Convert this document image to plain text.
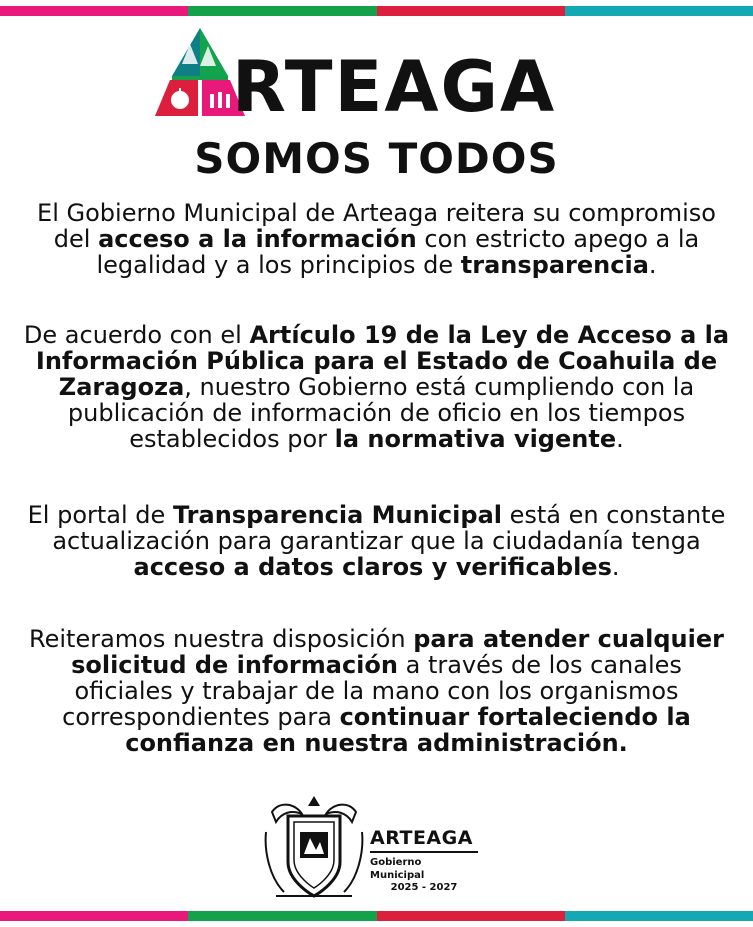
RTEAGA
SOMOS TODOS
El Gobierno Municipal de Arteaga reitera su compromiso del acceso a la información con estricto apego a la legalidad y a los principios de transparencia.
De acuerdo con el Artículo 19 de la Ley de Acceso a la Información Pública para el Estado de Coahuila de Zaragoza, nuestro Gobierno está cumpliendo con la publicación de información de oficio en los tiempos establecidos por la normativa vigente.
El portal de Transparencia Municipal está en constante actualización para garantizar que la ciudadanía tenga acceso a datos claros y verificables.
Reiteramos nuestra disposición para atender cualquier solicitud de información a través de los canales oficiales y trabajar de la mano con los organismos correspondientes para continuar fortaleciendo la confianza en nuestra administración.
ARTEAGA
Gobierno Municipal
2025 - 2027
